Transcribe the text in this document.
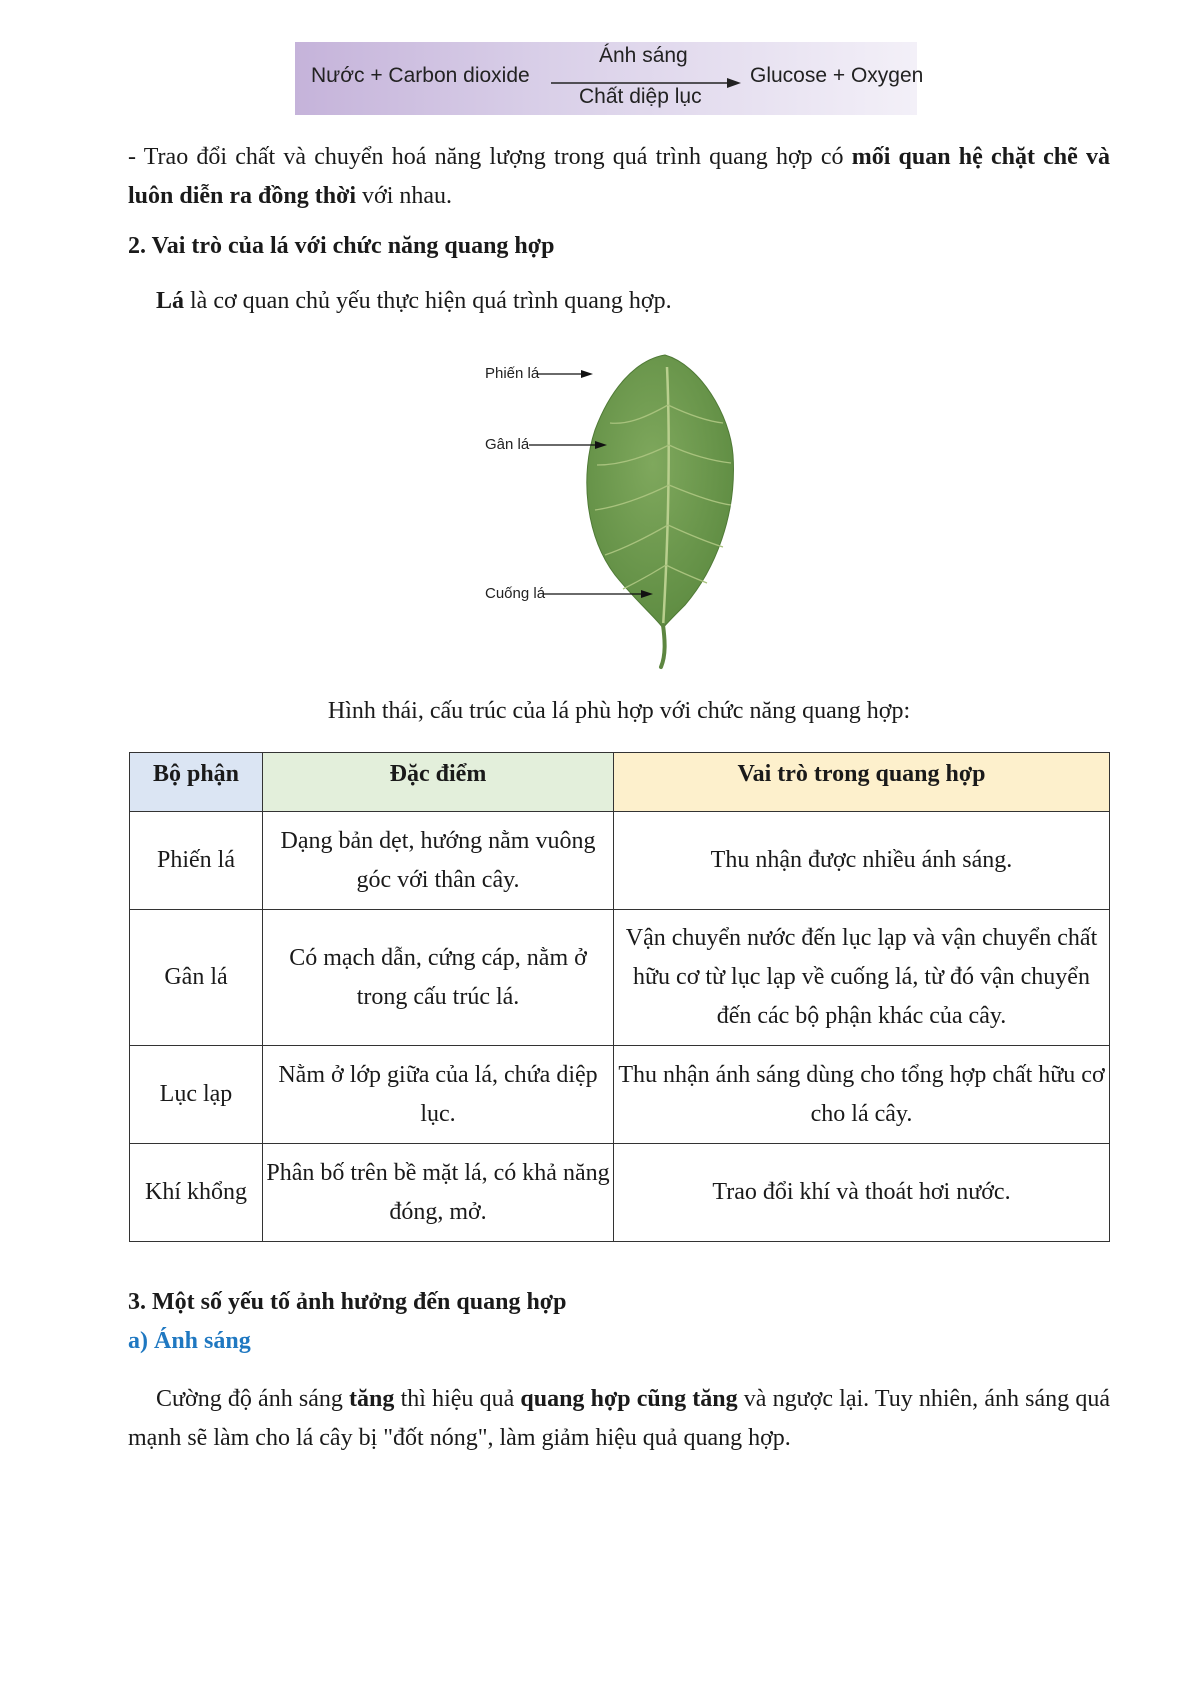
Nước + Carbon dioxide
Ánh sáng
Chất diệp lục
Glucose + Oxygen
- Trao đổi chất và chuyển hoá năng lượng trong quá trình quang hợp có mối quan hệ chặt chẽ và luôn diễn ra đồng thời với nhau.
2. Vai trò của lá với chức năng quang hợp
Lá là cơ quan chủ yếu thực hiện quá trình quang hợp.
Phiến lá
Gân lá
Cuống lá
Hình thái, cấu trúc của lá phù hợp với chức năng quang hợp:
Bộ phận	Đặc điểm	Vai trò trong quang hợp
Phiến lá	Dạng bản dẹt, hướng nằm vuông góc với thân cây.	Thu nhận được nhiều ánh sáng.
Gân lá	Có mạch dẫn, cứng cáp, nằm ở trong cấu trúc lá.	Vận chuyển nước đến lục lạp và vận chuyển chất hữu cơ từ lục lạp về cuống lá, từ đó vận chuyển đến các bộ phận khác của cây.
Lục lạp	Nằm ở lớp giữa của lá, chứa diệp lục.	Thu nhận ánh sáng dùng cho tổng hợp chất hữu cơ cho lá cây.
Khí khổng	Phân bố trên bề mặt lá, có khả năng đóng, mở.	Trao đổi khí và thoát hơi nước.
3. Một số yếu tố ảnh hưởng đến quang hợp
a) Ánh sáng
Cường độ ánh sáng tăng thì hiệu quả quang hợp cũng tăng và ngược lại. Tuy nhiên, ánh sáng quá mạnh sẽ làm cho lá cây bị "đốt nóng", làm giảm hiệu quả quang hợp.
